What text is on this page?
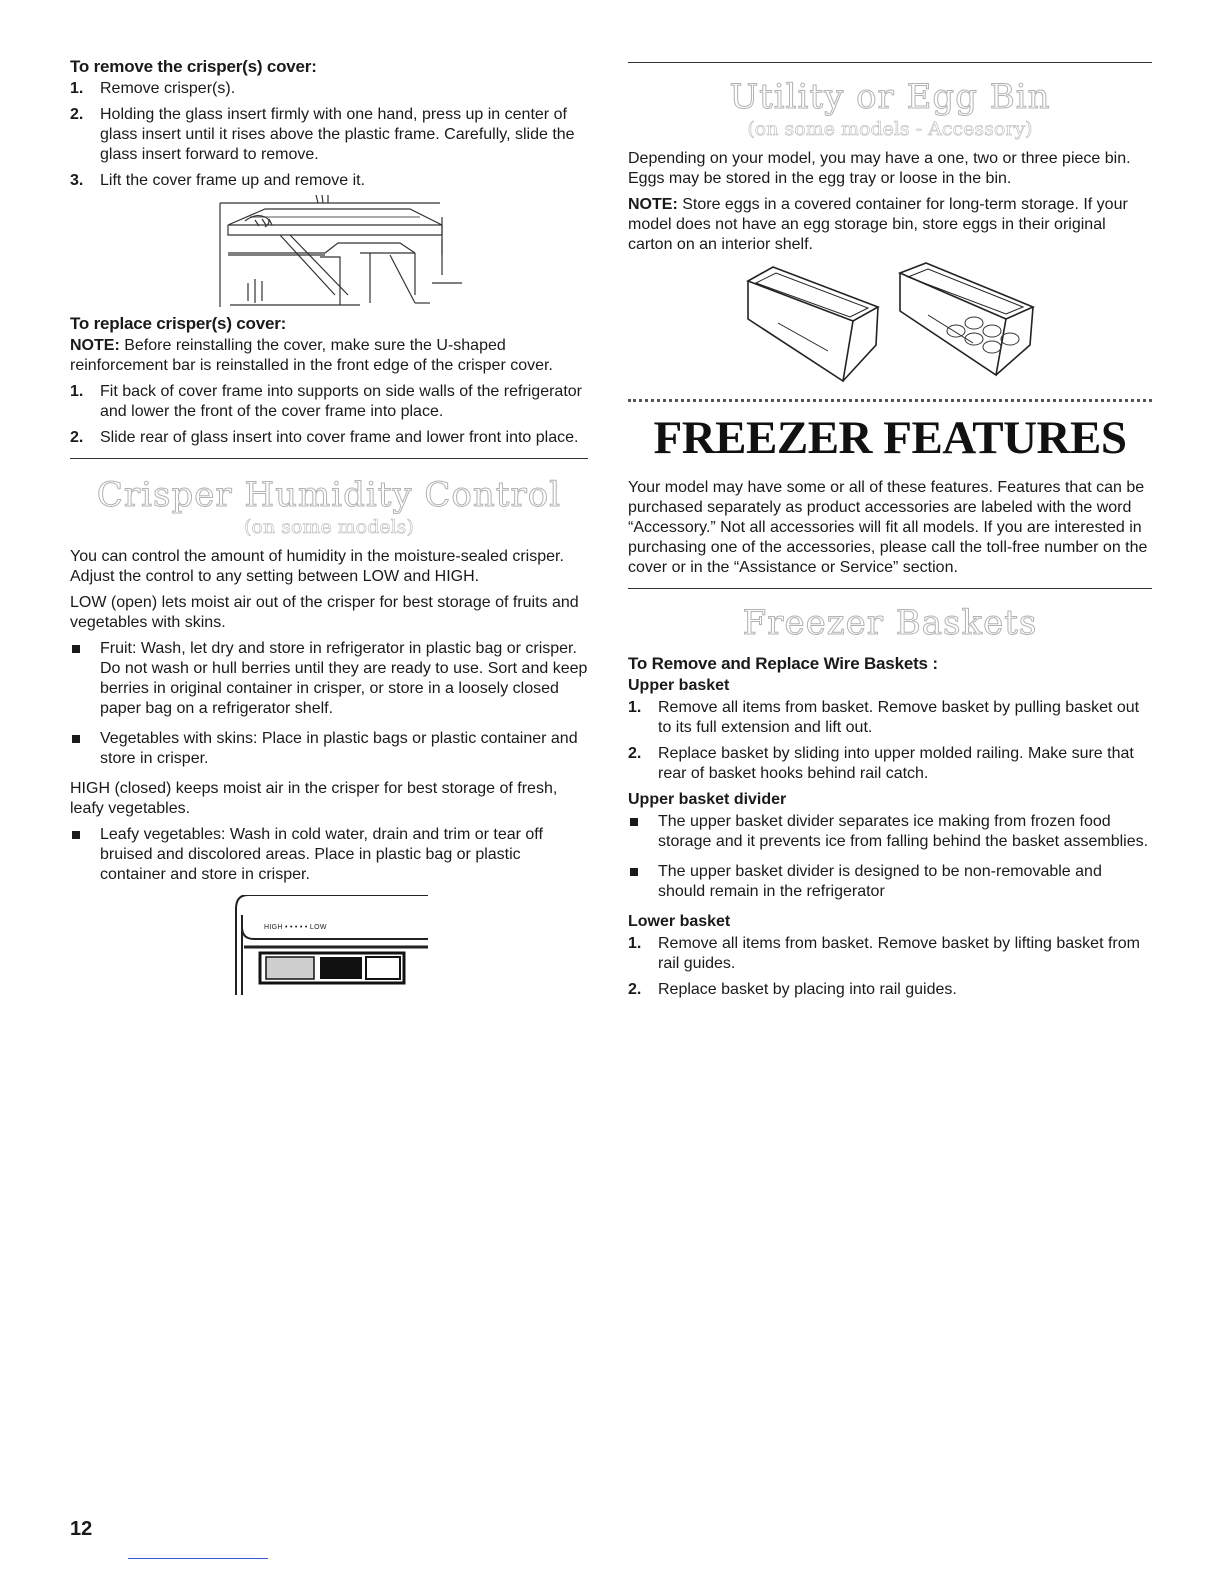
To remove the crisper(s) cover:
1. Remove crisper(s).
2. Holding the glass insert firmly with one hand, press up in center of glass insert until it rises above the plastic frame. Carefully, slide the glass insert forward to remove.
3. Lift the cover frame up and remove it.
To replace crisper(s) cover:

NOTE: Before reinstalling the cover, make sure the U-shaped reinforcement bar is reinstalled in the front edge of the crisper cover.

1. Fit back of cover frame into supports on side walls of the refrigerator and lower the front of the cover frame into place.
2. Slide rear of glass insert into cover frame and lower front into place.
Crisper Humidity Control
(on some models)

You can control the amount of humidity in the moisture-sealed crisper. Adjust the control to any setting between LOW and HIGH.

LOW (open) lets moist air out of the crisper for best storage of fruits and vegetables with skins.

Fruit: Wash, let dry and store in refrigerator in plastic bag or crisper. Do not wash or hull berries until they are ready to use. Sort and keep berries in original container in crisper, or store in a loosely closed paper bag on a refrigerator shelf.
Vegetables with skins: Place in plastic bags or plastic container and store in crisper.

HIGH (closed) keeps moist air in the crisper for best storage of fresh, leafy vegetables.

Leafy vegetables: Wash in cold water, drain and trim or tear off bruised and discolored areas. Place in plastic bag or plastic container and store in crisper.
HIGH • • • • • LOW
Utility or Egg Bin
(on some models - Accessory)

Depending on your model, you may have a one, two or three piece bin. Eggs may be stored in the egg tray or loose in the bin.

NOTE: Store eggs in a covered container for long-term storage. If your model does not have an egg storage bin, store eggs in their original carton on an interior shelf.

FREEZER FEATURES

Your model may have some or all of these features. Features that can be purchased separately as product accessories are labeled with the word “Accessory.” Not all accessories will fit all models. If you are interested in purchasing one of the accessories, please call the toll-free number on the cover or in the “Assistance or Service” section.

Freezer Baskets
To Remove and Replace Wire Baskets :
Upper basket
1. Remove all items from basket. Remove basket by pulling basket out to its full extension and lift out.
2. Replace basket by sliding into upper molded railing. Make sure that rear of basket hooks behind rail catch.
Upper basket divider
The upper basket divider separates ice making from frozen food storage and it prevents ice from falling behind the basket assemblies.
The upper basket divider is designed to be non-removable and should remain in the refrigerator
Lower basket
1. Remove all items from basket. Remove basket by lifting basket from rail guides.
2. Replace basket by placing into rail guides.
12
